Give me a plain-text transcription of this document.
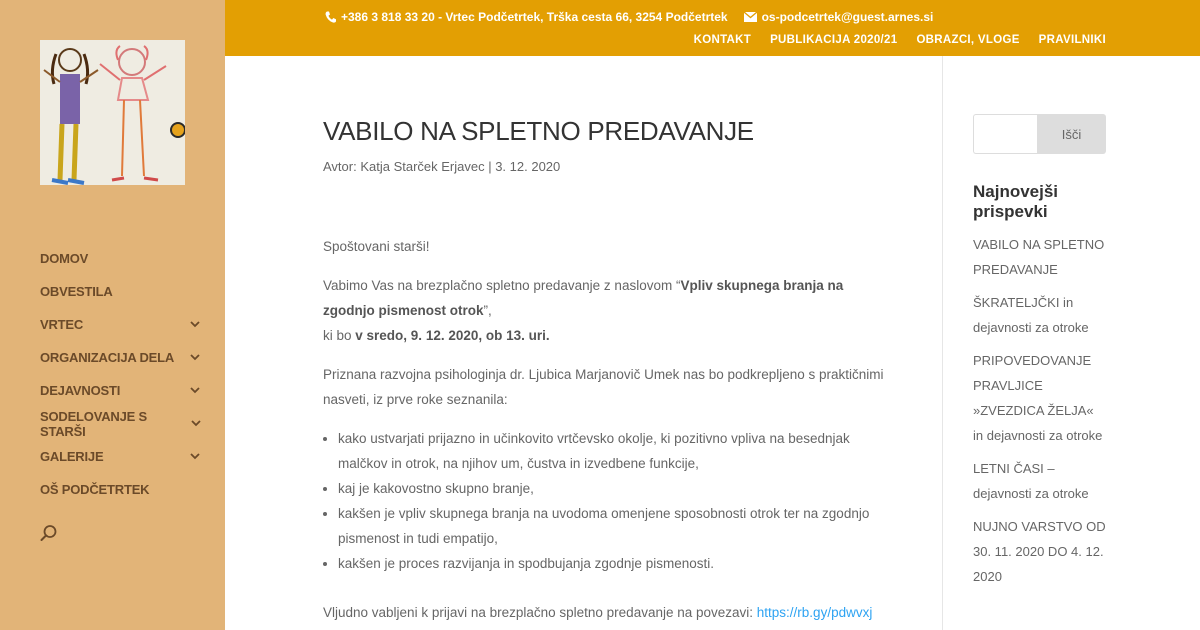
DOMOV
OBVESTILA
VRTEC
ORGANIZACIJA DELA
DEJAVNOSTI
SODELOVANJE S STARŠI
GALERIJE
OŠ PODČETRTEK
+386 3 818 33 20 - Vrtec Podčetrtek, Trška cesta 66, 3254 Podčetrtek	os-podcetrtek@guest.arnes.si
KONTAKT PUBLIKACIJA 2020/21 OBRAZCI, VLOGE PRAVILNIKI
VABILO NA SPLETNO PREDAVANJE
Avtor: Katja Starček Erjavec | 3. 12. 2020

Spoštovani starši!

Vabimo Vas na brezplačno spletno predavanje z naslovom “Vpliv skupnega branja na zgodnjo pismenost otrok”,
ki bo v sredo, 9. 12. 2020, ob 13. uri.

Priznana razvojna psihologinja dr. Ljubica Marjanovič Umek nas bo podkrepljeno s praktičnimi nasveti, iz prve roke seznanila:

• kako ustvarjati prijazno in učinkovito vrtčevsko okolje, ki pozitivno vpliva na besednjak malčkov in otrok, na njihov um, čustva in izvedbene funkcije,
• kaj je kakovostno skupno branje,
• kakšen je vpliv skupnega branja na uvodoma omenjene sposobnosti otrok ter na zgodnjo pismenost in tudi empatijo,
• kakšen je proces razvijanja in spodbujanja zgodnje pismenosti.

Vljudno vabljeni k prijavi na brezplačno spletno predavanje na povezavi: https://rb.gy/pdwvxj

Išči
Najnovejši prispevki
VABILO NA SPLETNO PREDAVANJE
ŠKRATELJČKI in dejavnosti za otroke
PRIPOVEDOVANJE PRAVLJICE »ZVEZDICA ŽELJA« in dejavnosti za otroke
LETNI ČASI – dejavnosti za otroke
NUJNO VARSTVO OD 30. 11. 2020 DO 4. 12. 2020
